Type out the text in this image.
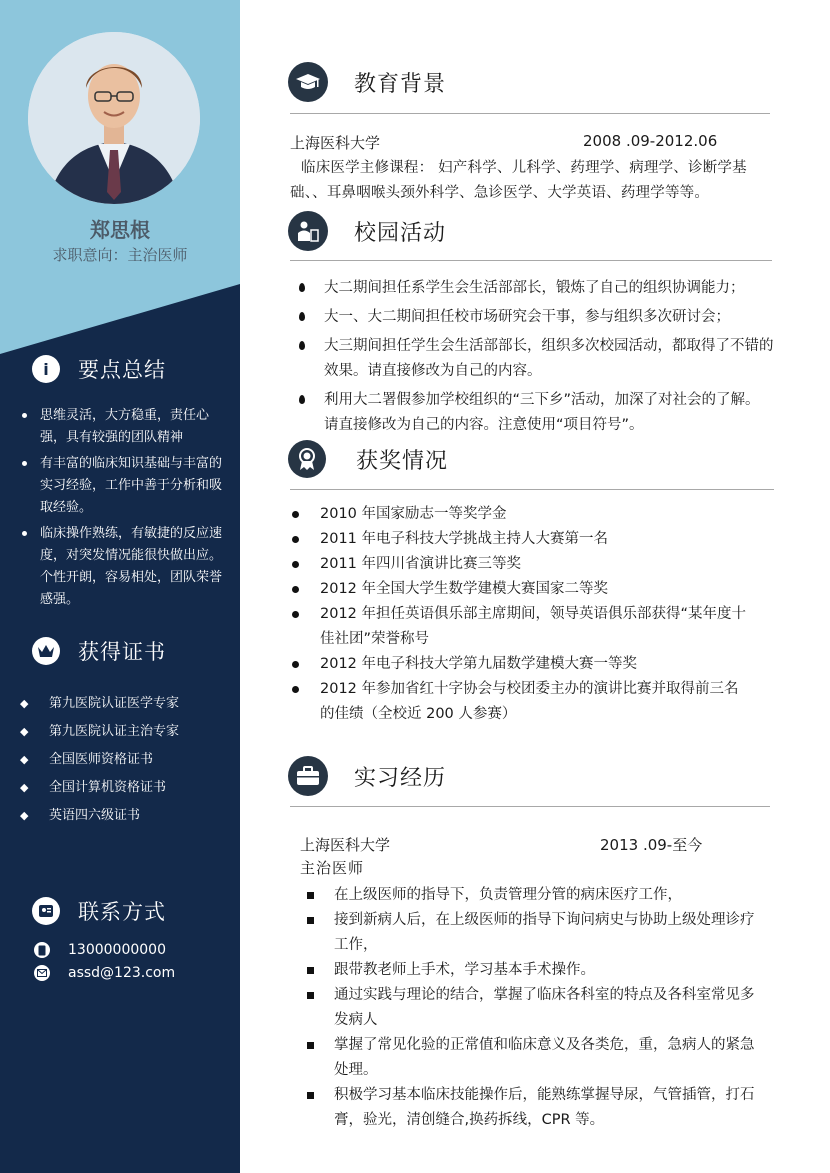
郑思根
求职意向：主治医师
i	要点总结
思维灵活，大方稳重，责任心强，具有较强的团队精神
有丰富的临床知识基础与丰富的实习经验，工作中善于分析和吸取经验。
临床操作熟练，有敏捷的反应速度，对突发情况能很快做出应。个性开朗，容易相处，团队荣誉感强。
获得证书
◆ 第九医院认证医学专家
◆ 第九医院认证主治专家
◆ 全国医师资格证书
◆ 全国计算机资格证书
◆ 英语四六级证书
联系方式
13000000000
assd@123.com
教育背景
上海医科大学	2008 .09-2012.06
临床医学主修课程： 妇产科学、儿科学、药理学、病理学、诊断学基础、、耳鼻咽喉头颈外科学、急诊医学、大学英语、药理学等等。
校园活动
大二期间担任系学生会生活部部长，锻炼了自己的组织协调能力；
大一、大二期间担任校市场研究会干事，参与组织多次研讨会；
大三期间担任学生会生活部部长，组织多次校园活动，都取得了不错的效果。请直接修改为自己的内容。
利用大二署假参加学校组织的“三下乡”活动，加深了对社会的了解。请直接修改为自己的内容。注意使用“项目符号”。
获奖情况
2010 年国家励志一等奖学金
2011 年电子科技大学挑战主持人大赛第一名
2011 年四川省演讲比赛三等奖
2012 年全国大学生数学建模大赛国家二等奖
2012 年担任英语俱乐部主席期间，领导英语俱乐部获得“某年度十佳社团”荣誉称号
2012 年电子科技大学第九届数学建模大赛一等奖
2012 年参加省红十字协会与校团委主办的演讲比赛并取得前三名的佳绩（全校近 200 人参赛）
实习经历
上海医科大学	2013 .09-至今
主治医师
在上级医师的指导下，负责管理分管的病床医疗工作，
接到新病人后，在上级医师的指导下询问病史与协助上级处理诊疗工作，
跟带教老师上手术，学习基本手术操作。
通过实践与理论的结合，掌握了临床各科室的特点及各科室常见多发病人
掌握了常见化验的正常值和临床意义及各类危，重，急病人的紧急处理。
积极学习基本临床技能操作后，能熟练掌握导尿，气管插管，打石膏，验光，清创缝合,换药拆线，CPR 等。
